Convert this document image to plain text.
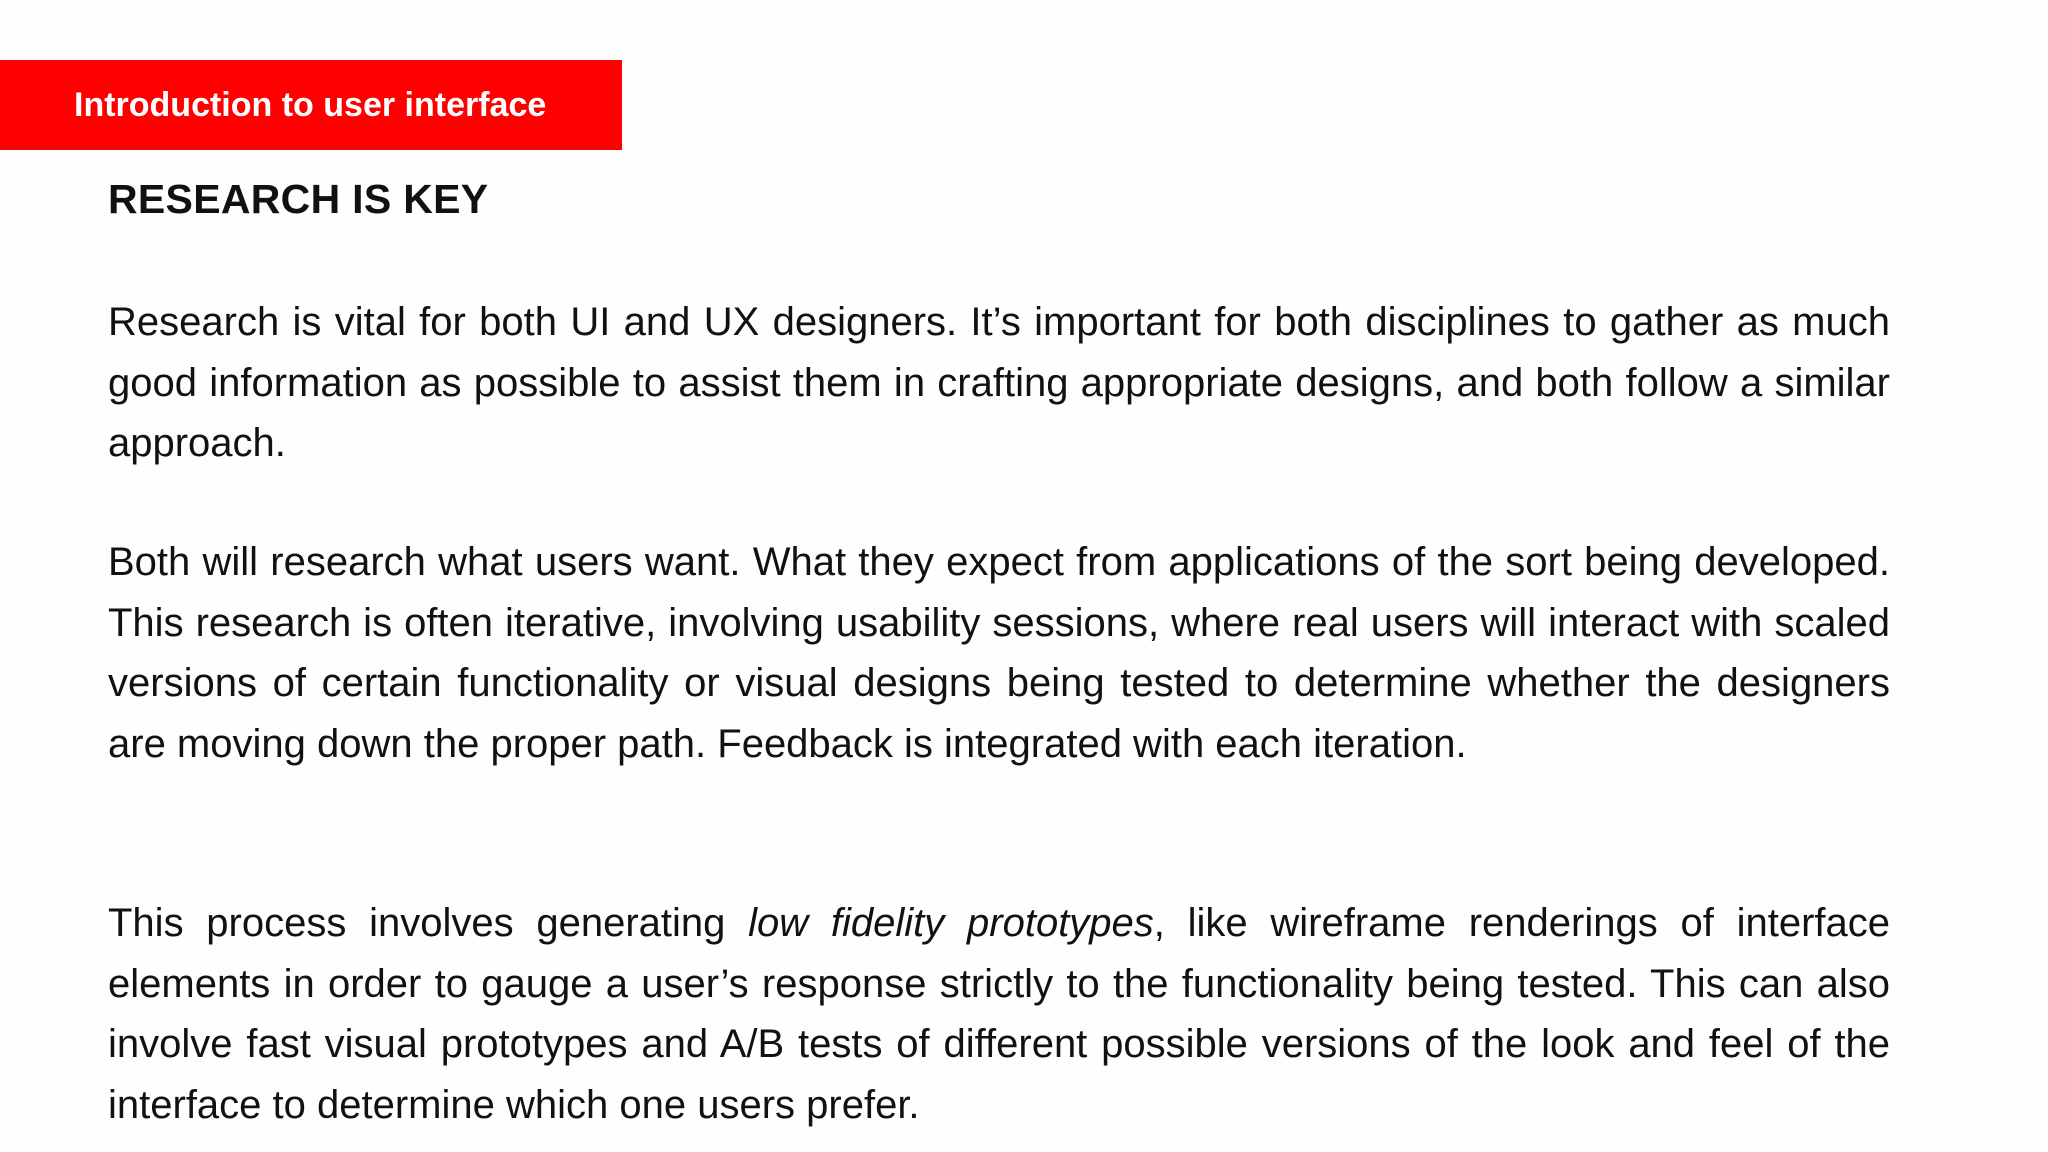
Introduction to user interface
RESEARCH IS KEY

Research is vital for both UI and UX designers. It’s important for both disciplines to gather as much good information as possible to assist them in crafting appropriate designs, and both follow a similar approach.

Both will research what users want. What they expect from applications of the sort being developed. This research is often iterative, involving usability sessions, where real users will interact with scaled versions of certain functionality or visual designs being tested to determine whether the designers are moving down the proper path. Feedback is integrated with each iteration.

This process involves generating low fidelity prototypes, like wireframe renderings of interface elements in order to gauge a user’s response strictly to the functionality being tested. This can also involve fast visual prototypes and A/B tests of different possible versions of the look and feel of the interface to determine which one users prefer.
